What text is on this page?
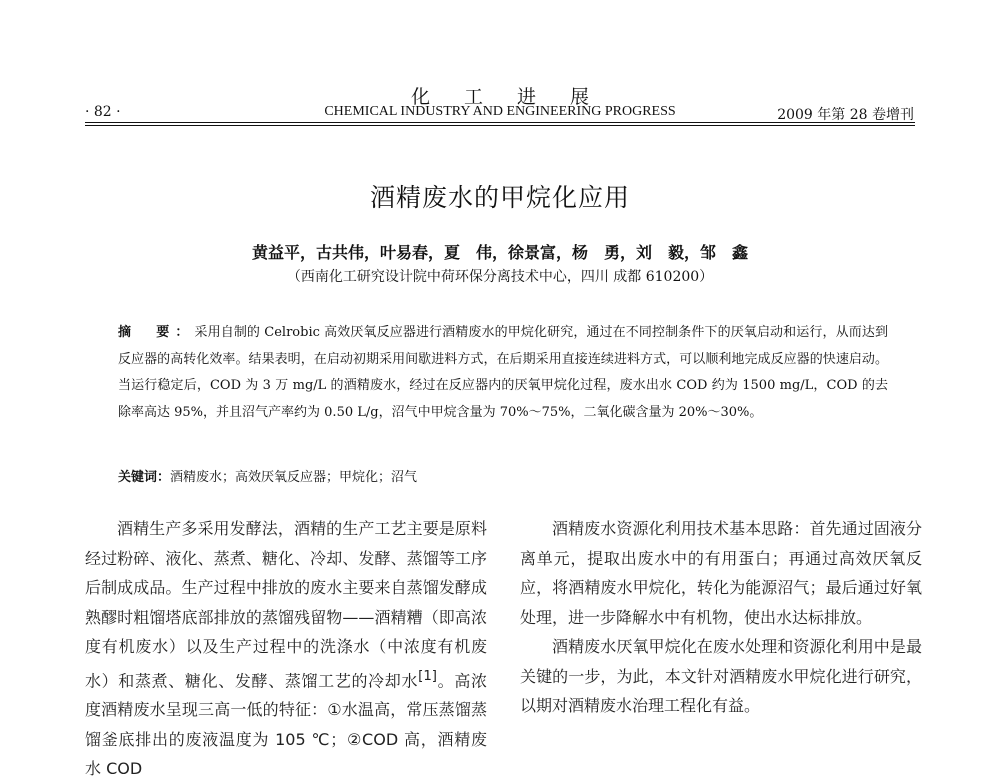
化工进展
· 82 ·	CHEMICAL INDUSTRY AND ENGINEERING PROGRESS	2009 年第 28 卷增刊
酒精废水的甲烷化应用
黄益平，古共伟，叶易春，夏　伟，徐景富，杨　勇，刘　毅，邹　鑫
（西南化工研究设计院中荷环保分离技术中心，四川 成都 610200）
摘　要：采用自制的 Celrobic 高效厌氧反应器进行酒精废水的甲烷化研究，通过在不同控制条件下的厌氧启动和运行，从而达到反应器的高转化效率。结果表明，在启动初期采用间歇进料方式，在后期采用直接连续进料方式，可以顺利地完成反应器的快速启动。当运行稳定后，COD 为 3 万 mg/L 的酒精废水，经过在反应器内的厌氧甲烷化过程，废水出水 COD 约为 1500 mg/L，COD 的去除率高达 95%，并且沼气产率约为 0.50 L/g，沼气中甲烷含量为 70%～75%，二氧化碳含量为 20%～30%。
关键词：酒精废水；高效厌氧反应器；甲烷化；沼气

酒精生产多采用发酵法，酒精的生产工艺主要是原料经过粉碎、液化、蒸煮、糖化、冷却、发酵、蒸馏等工序后制成成品。生产过程中排放的废水主要来自蒸馏发酵成熟醪时粗馏塔底部排放的蒸馏残留物——酒精糟（即高浓度有机废水）以及生产过程中的洗涤水（中浓度有机废水）和蒸煮、糖化、发酵、蒸馏工艺的冷却水[1]。高浓度酒精废水呈现三高一低的特征：①水温高，常压蒸馏蒸馏釜底排出的废液温度为 105 ℃；②COD 高，酒精废水 COD

酒精废水资源化利用技术基本思路：首先通过固液分离单元，提取出废水中的有用蛋白；再通过高效厌氧反应，将酒精废水甲烷化，转化为能源沼气；最后通过好氧处理，进一步降解水中有机物，使出水达标排放。

酒精废水厌氧甲烷化在废水处理和资源化利用中是最关键的一步，为此，本文针对酒精废水甲烷化进行研究，以期对酒精废水治理工程化有益。
